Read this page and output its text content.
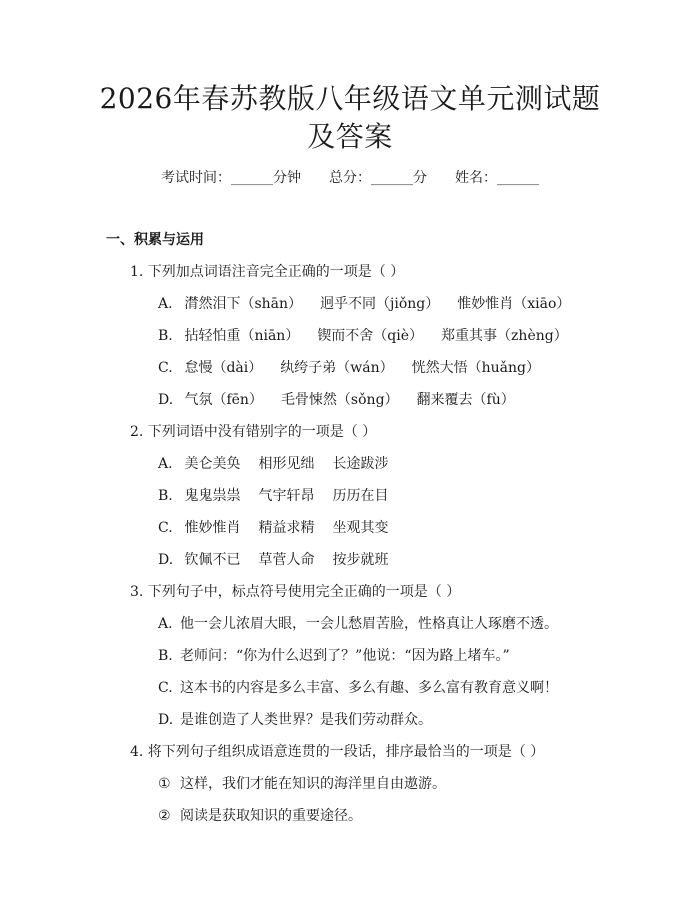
2026年春苏教版八年级语文单元测试题及答案
考试时间：______分钟 总分：______分 姓名：______
一、积累与运用
1. 下列加点词语注音完全正确的一项是（ ）
A. 潸然泪下（shān） 迥乎不同（jiǒng） 惟妙惟肖（xiāo）
B. 拈轻怕重（niān） 锲而不舍（qiè） 郑重其事（zhèng）
C. 怠慢（dài） 纨绔子弟（wán） 恍然大悟（huǎng）
D. 气氛（fēn） 毛骨悚然（sǒng） 翻来覆去（fù）
2. 下列词语中没有错别字的一项是（ ）
A. 美仑美奂 相形见绌 长途跋涉
B. 鬼鬼祟祟 气宇轩昂 历历在目
C. 惟妙惟肖 精益求精 坐观其变
D. 钦佩不已 草菅人命 按步就班
3. 下列句子中，标点符号使用完全正确的一项是（ ）
A. 他一会儿浓眉大眼，一会儿愁眉苦脸，性格真让人琢磨不透。
B. 老师问：“你为什么迟到了？”他说：“因为路上堵车。”
C. 这本书的内容是多么丰富、多么有趣、多么富有教育意义啊！
D. 是谁创造了人类世界？是我们劳动群众。
4. 将下列句子组织成语意连贯的一段话，排序最恰当的一项是（ ）
① 这样，我们才能在知识的海洋里自由遨游。
② 阅读是获取知识的重要途径。
